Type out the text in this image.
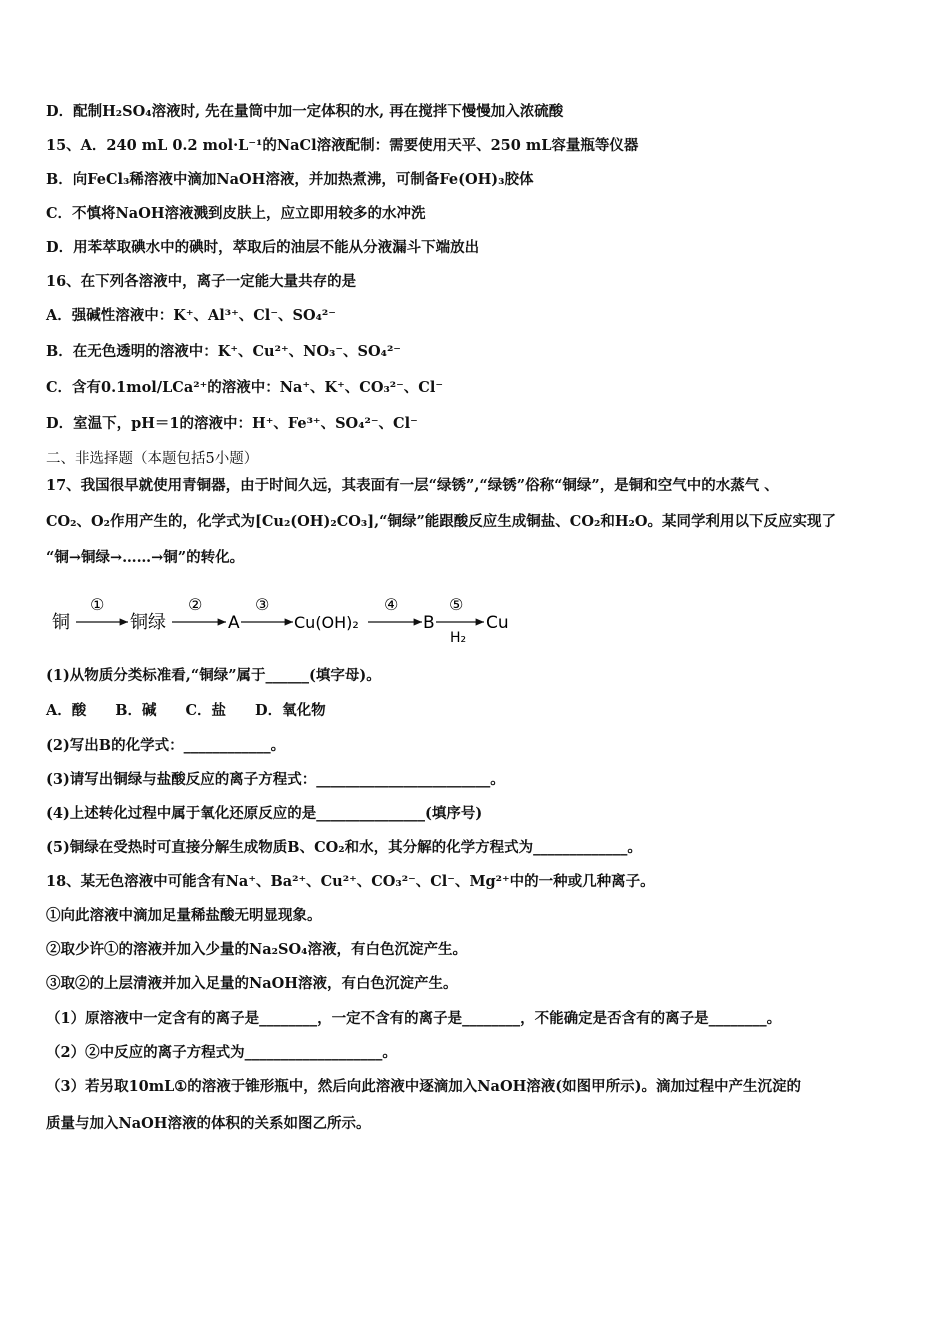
D．配制H₂SO₄溶液时, 先在量筒中加一定体积的水, 再在搅拌下慢慢加入浓硫酸
15、A．240 mL 0.2 mol·L⁻¹的NaCl溶液配制：需要使用天平、250 mL容量瓶等仪器
B．向FeCl₃稀溶液中滴加NaOH溶液，并加热煮沸，可制备Fe(OH)₃胶体
C．不慎将NaOH溶液溅到皮肤上，应立即用较多的水冲洗
D．用苯萃取碘水中的碘时，萃取后的油层不能从分液漏斗下端放出
16、在下列各溶液中，离子一定能大量共存的是
A．强碱性溶液中：K⁺、Al³⁺、Cl⁻、SO₄²⁻
B．在无色透明的溶液中：K⁺、Cu²⁺、NO₃⁻、SO₄²⁻
C．含有0.1mol/LCa²⁺的溶液中：Na⁺、K⁺、CO₃²⁻、Cl⁻
D．室温下，pH＝1的溶液中：H⁺、Fe³⁺、SO₄²⁻、Cl⁻
二、非选择题（本题包括5小题）
17、我国很早就使用青铜器，由于时间久远，其表面有一层“绿锈”,“绿锈”俗称“铜绿”，是铜和空气中的水蒸气 、
CO₂、O₂作用产生的，化学式为[Cu₂(OH)₂CO₃],“铜绿”能跟酸反应生成铜盐、CO₂和H₂O。某同学利用以下反应实现了
“铜→铜绿→……→铜”的转化。
铜
①
铜绿
②
A
③
Cu(OH)₂
④
B
⑤
H₂
Cu
(1)从物质分类标准看,“铜绿”属于______(填字母)。
A．酸　　B．碱　　C．盐　　D．氧化物
(2)写出B的化学式：____________。
(3)请写出铜绿与盐酸反应的离子方程式：________________________。
(4)上述转化过程中属于氧化还原反应的是_______________(填序号)
(5)铜绿在受热时可直接分解生成物质B、CO₂和水，其分解的化学方程式为_____________。
18、某无色溶液中可能含有Na⁺、Ba²⁺、Cu²⁺、CO₃²⁻、Cl⁻、Mg²⁺中的一种或几种离子。
①向此溶液中滴加足量稀盐酸无明显现象。
②取少许①的溶液并加入少量的Na₂SO₄溶液，有白色沉淀产生。
③取②的上层清液并加入足量的NaOH溶液，有白色沉淀产生。
（1）原溶液中一定含有的离子是________，一定不含有的离子是________，不能确定是否含有的离子是________。
（2）②中反应的离子方程式为___________________。
（3）若另取10mL①的溶液于锥形瓶中，然后向此溶液中逐滴加入NaOH溶液(如图甲所示)。滴加过程中产生沉淀的
质量与加入NaOH溶液的体积的关系如图乙所示。
